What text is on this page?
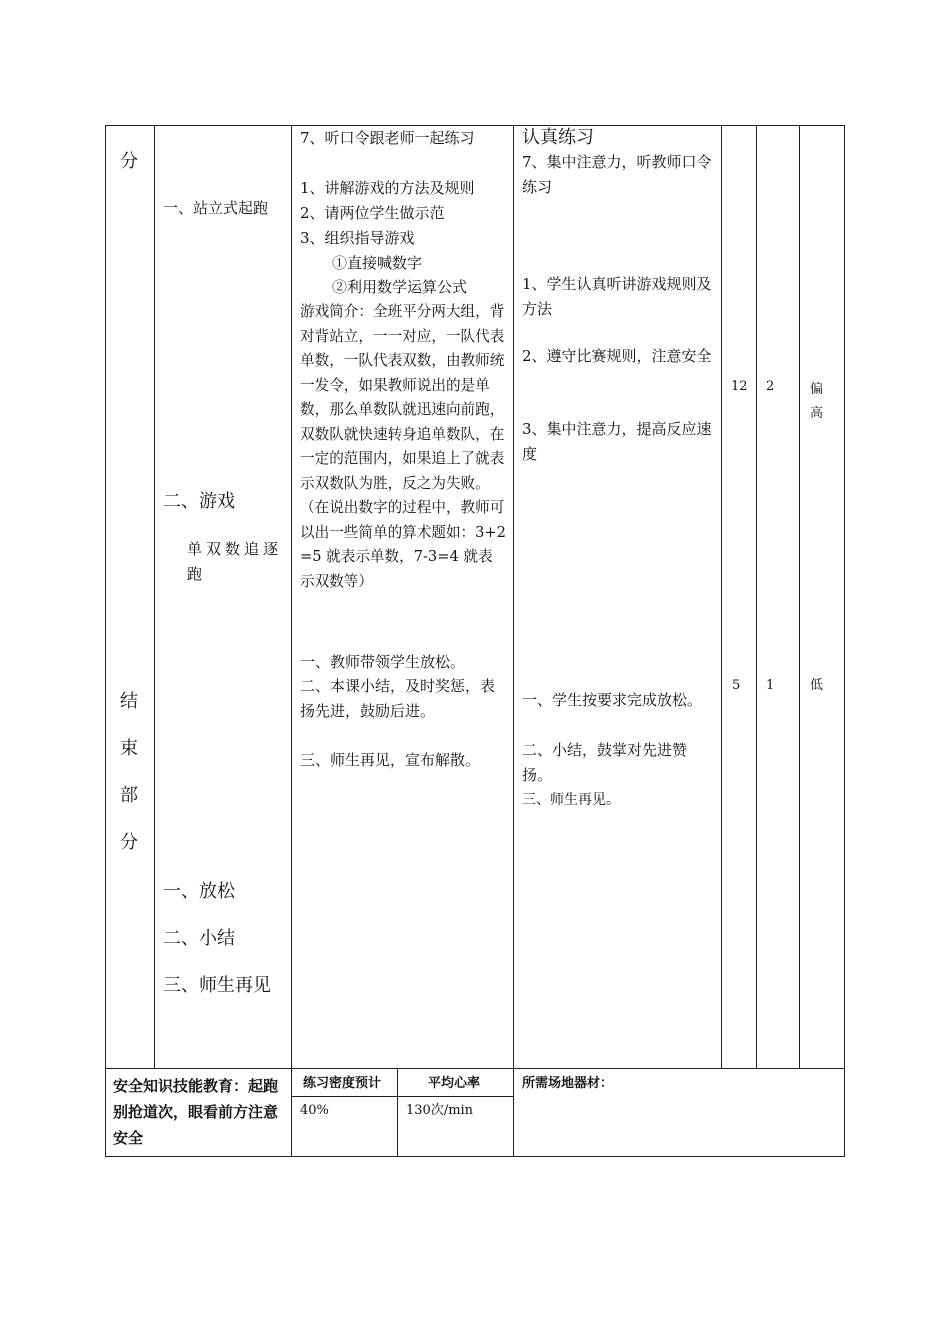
分
结
束
部
分
一、站立式起跑
二、游戏
单双数追逐跑
一、放松
二、小结
三、师生再见
7、听口令跟老师一起练习
1、讲解游戏的方法及规则
2、请两位学生做示范
3、组织指导游戏
①直接喊数字
②利用数学运算公式
游戏简介：全班平分两大组，背对背站立，一一对应，一队代表单数，一队代表双数，由教师统一发令，如果教师说出的是单数，那么单数队就迅速向前跑，双数队就快速转身追单数队，在一定的范围内，如果追上了就表示双数队为胜，反之为失败。（在说出数字的过程中，教师可以出一些简单的算术题如：3+2=5 就表示单数，7-3=4 就表示双数等）
一、教师带领学生放松。
二、本课小结，及时奖惩，表扬先进，鼓励后进。
三、师生再见，宣布解散。
认真练习
7、集中注意力，听教师口令练习
1、学生认真听讲游戏规则及方法
2、遵守比赛规则，注意安全
3、集中注意力，提高反应速度
一、学生按要求完成放松。
二、小结，鼓掌对先进赞扬。
三、师生再见。
12 2	偏高
5 1	低
安全知识技能教育：起跑别抢道次，眼看前方注意安全
练习密度预计
40%
平均心率
130次/min
所需场地器材：
